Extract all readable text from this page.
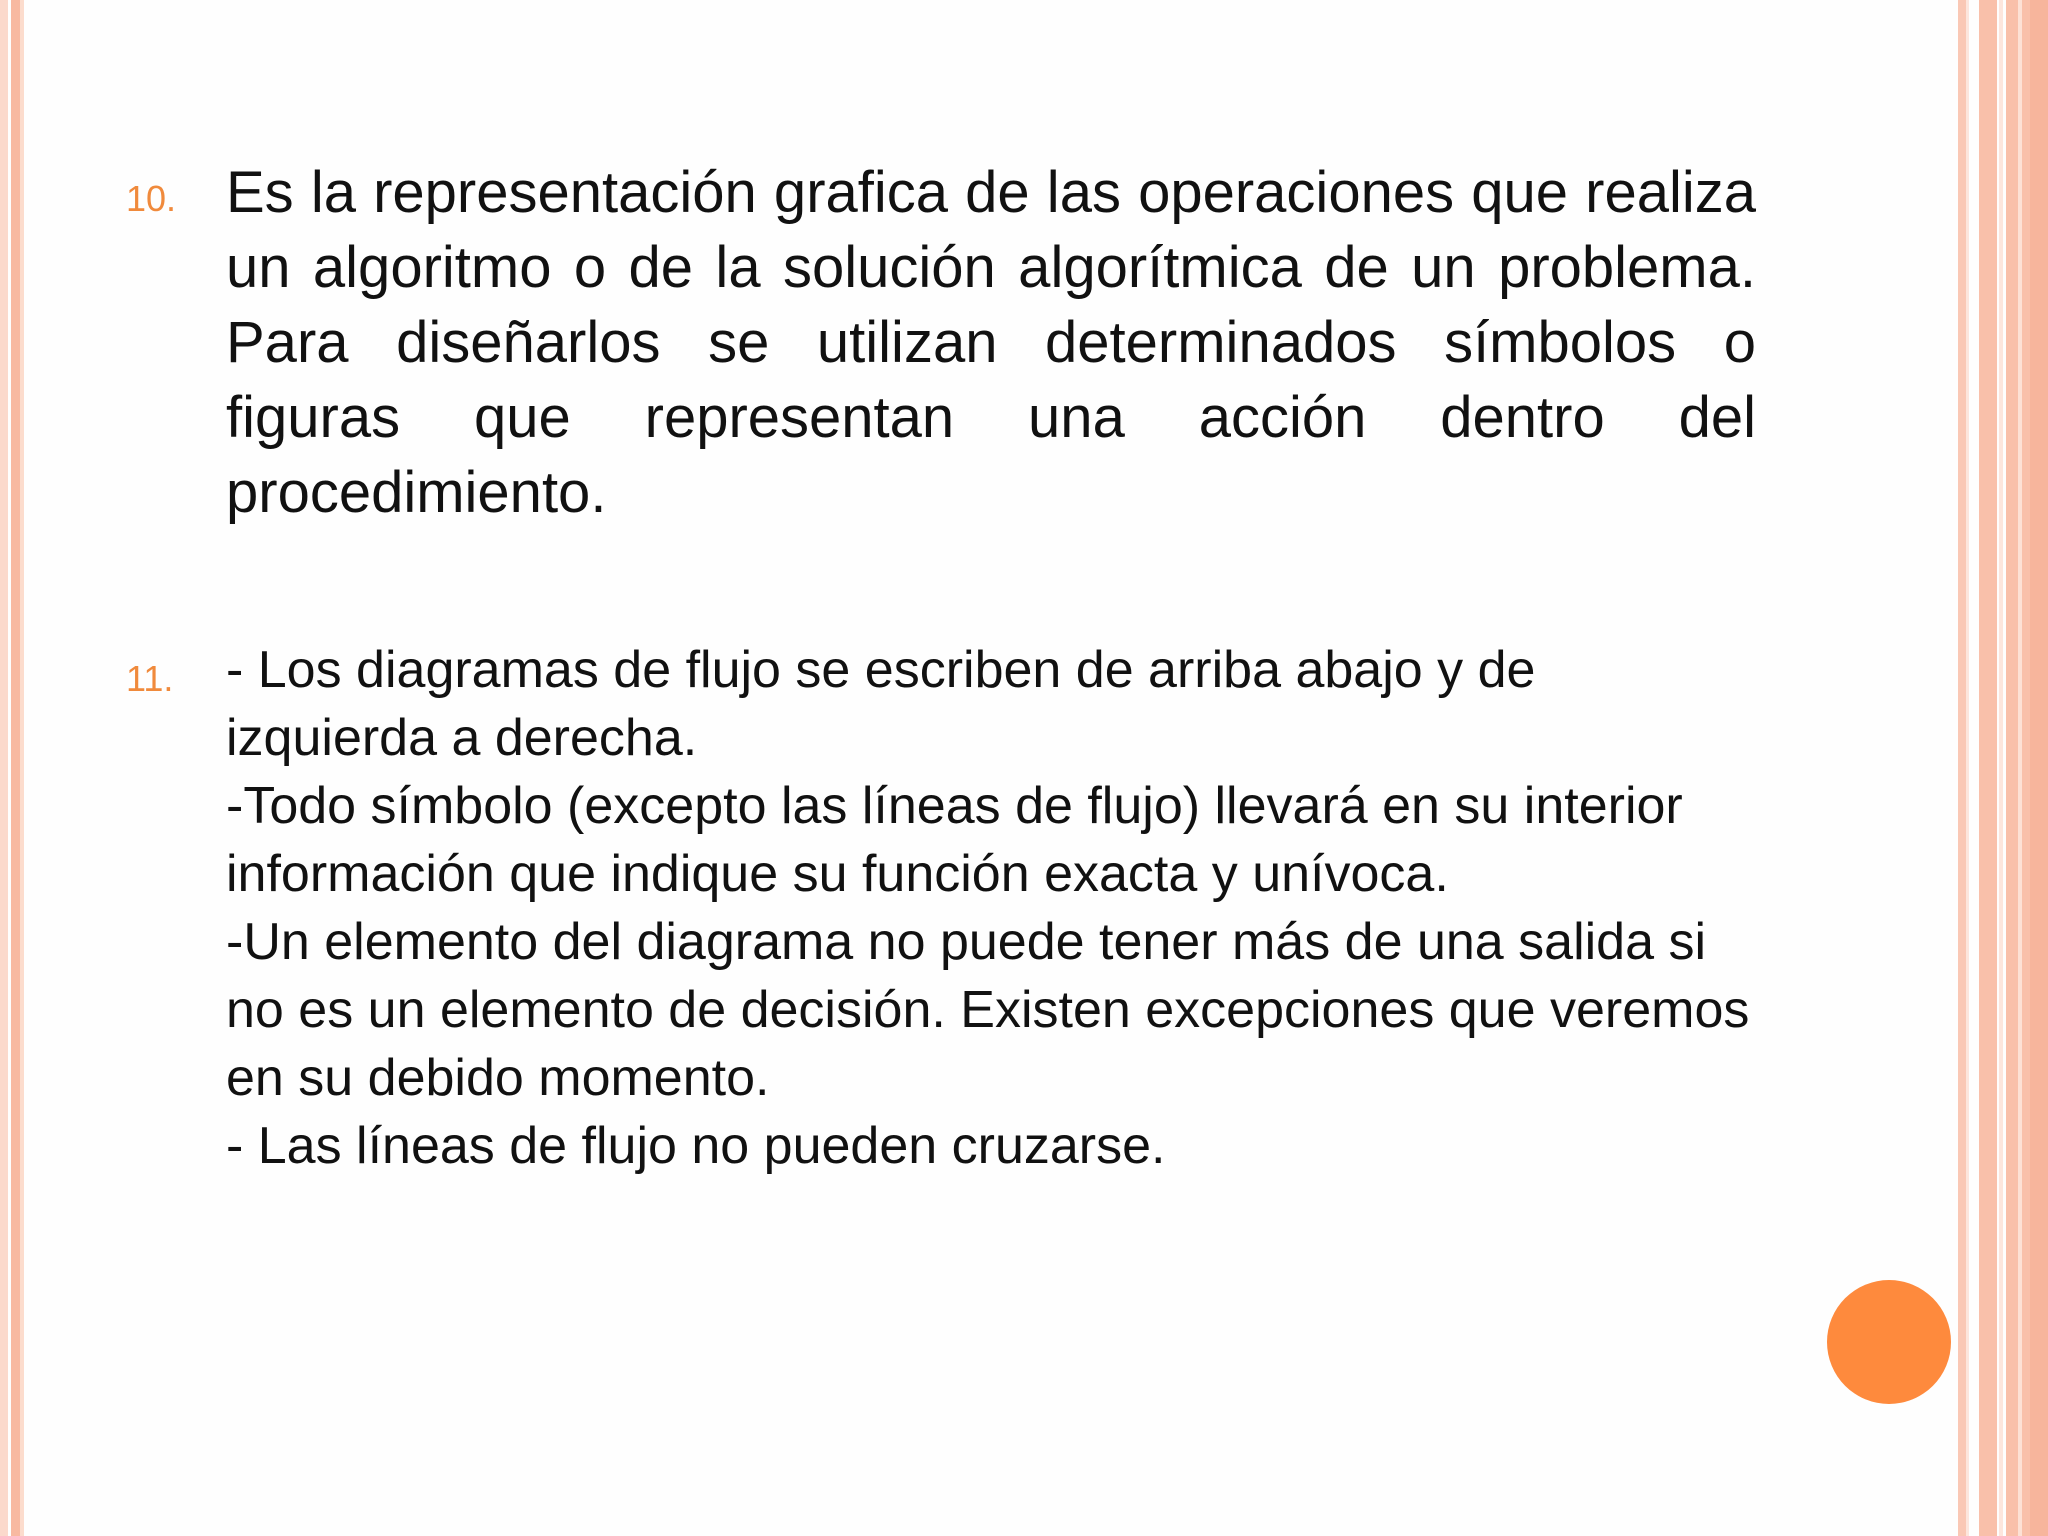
10. Es la representación grafica de las operaciones que realiza un algoritmo o de la solución algorítmica de un problema. Para diseñarlos se utilizan determinados símbolos o figuras que representan una acción dentro del procedimiento.
11. - Los diagramas de flujo se escriben de arriba abajo y de izquierda a derecha.
-Todo símbolo (excepto las líneas de flujo) llevará en su interior información que indique su función exacta y unívoca.
-Un elemento del diagrama no puede tener más de una salida si no es un elemento de decisión. Existen excepciones que veremos en su debido momento.
- Las líneas de flujo no pueden cruzarse.
